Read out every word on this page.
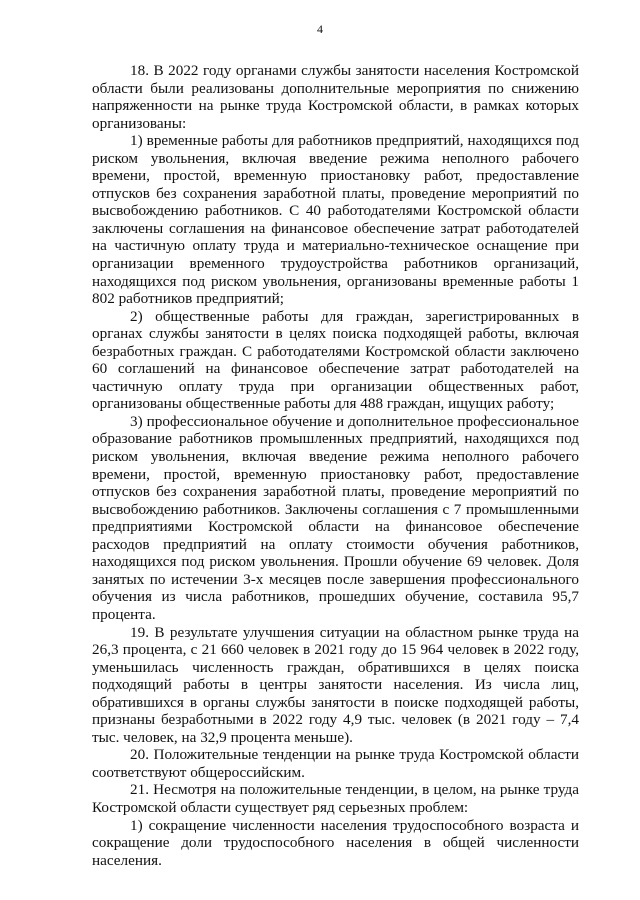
4

18. В 2022 году органами службы занятости населения Костромской области были реализованы дополнительные мероприятия по снижению напряженности на рынке труда Костромской области, в рамках которых организованы:

1) временные работы для работников предприятий, находящихся под риском увольнения, включая введение режима неполного рабочего времени, простой, временную приостановку работ, предоставление отпусков без сохранения заработной платы, проведение мероприятий по высвобождению работников. С 40 работодателями Костромской области заключены соглашения на финансовое обеспечение затрат работодателей на частичную оплату труда и материально-техническое оснащение при организации временного трудоустройства работников организаций, находящихся под риском увольнения, организованы временные работы 1 802 работников предприятий;

2) общественные работы для граждан, зарегистрированных в органах службы занятости в целях поиска подходящей работы, включая безработных граждан. С работодателями Костромской области заключено 60 соглашений на финансовое обеспечение затрат работодателей на частичную оплату труда при организации общественных работ, организованы общественные работы для 488 граждан, ищущих работу;

3) профессиональное обучение и дополнительное профессиональное образование работников промышленных предприятий, находящихся под риском увольнения, включая введение режима неполного рабочего времени, простой, временную приостановку работ, предоставление отпусков без сохранения заработной платы, проведение мероприятий по высвобождению работников. Заключены соглашения с 7 промышленными предприятиями Костромской области на финансовое обеспечение расходов предприятий на оплату стоимости обучения работников, находящихся под риском увольнения. Прошли обучение 69 человек. Доля занятых по истечении 3-х месяцев после завершения профессионального обучения из числа работников, прошедших обучение, составила 95,7 процента.

19. В результате улучшения ситуации на областном рынке труда на 26,3 процента, с 21 660 человек в 2021 году до 15 964 человек в 2022 году, уменьшилась численность граждан, обратившихся в целях поиска подходящий работы в центры занятости населения. Из числа лиц, обратившихся в органы службы занятости в поиске подходящей работы, признаны безработными в 2022 году 4,9 тыс. человек (в 2021 году – 7,4 тыс. человек, на 32,9 процента меньше).

20. Положительные тенденции на рынке труда Костромской области соответствуют общероссийским.

21. Несмотря на положительные тенденции, в целом, на рынке труда Костромской области существует ряд серьезных проблем:

1) сокращение численности населения трудоспособного возраста и сокращение доли трудоспособного населения в общей численности населения.
